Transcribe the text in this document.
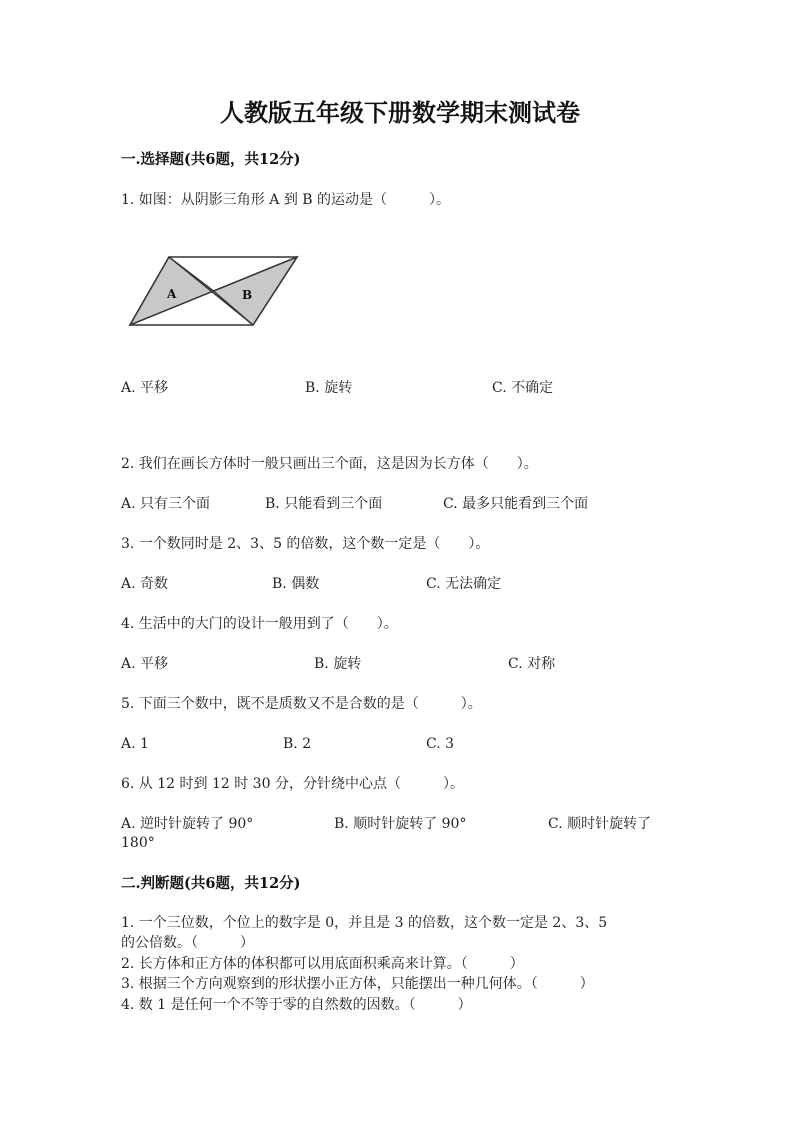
人教版五年级下册数学期末测试卷
一.选择题(共6题，共12分)
1. 如图：从阴影三角形 A 到 B 的运动是（　　　）。
A	B
A. 平移	B. 旋转	C. 不确定
2. 我们在画长方体时一般只画出三个面，这是因为长方体（　　）。
A. 只有三个面	B. 只能看到三个面	C. 最多只能看到三个面
3. 一个数同时是 2、3、5 的倍数，这个数一定是（　　）。
A. 奇数	B. 偶数	C. 无法确定
4. 生活中的大门的设计一般用到了（　　）。
A. 平移	B. 旋转	C. 对称
5. 下面三个数中，既不是质数又不是合数的是（　　　）。
A. 1	B. 2	C. 3
6. 从 12 时到 12 时 30 分，分针绕中心点（　　　）。
A. 逆时针旋转了 90°	B. 顺时针旋转了 90°	C. 顺时针旋转了
180°
二.判断题(共6题，共12分)
1. 一个三位数，个位上的数字是 0，并且是 3 的倍数，这个数一定是 2、3、5
的公倍数。（　　　）
2. 长方体和正方体的体积都可以用底面积乘高来计算。（　　　）
3. 根据三个方向观察到的形状摆小正方体，只能摆出一种几何体。（　　　）
4. 数 1 是任何一个不等于零的自然数的因数。（　　　）
